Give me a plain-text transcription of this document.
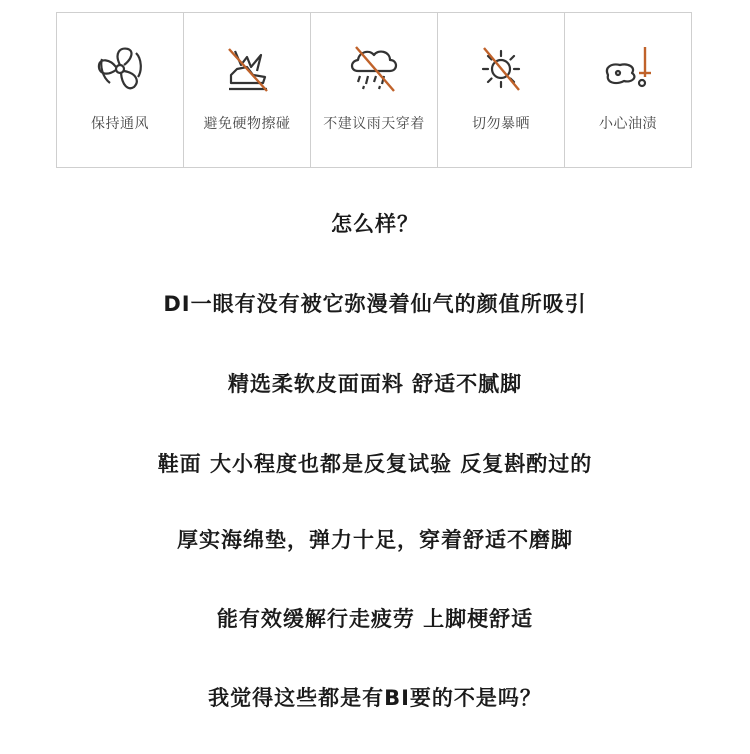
保持通风	避免硬物擦碰	不建议雨天穿着	切勿暴晒	小心油渍
怎么样？
DI一眼有没有被它弥漫着仙气的颜值所吸引
精选柔软皮面面料 舒适不腻脚
鞋面 大小程度也都是反复试验 反复斟酌过的
厚实海绵垫，弹力十足，穿着舒适不磨脚
能有效缓解行走疲劳 上脚梗舒适
我觉得这些都是有BI要的不是吗？
